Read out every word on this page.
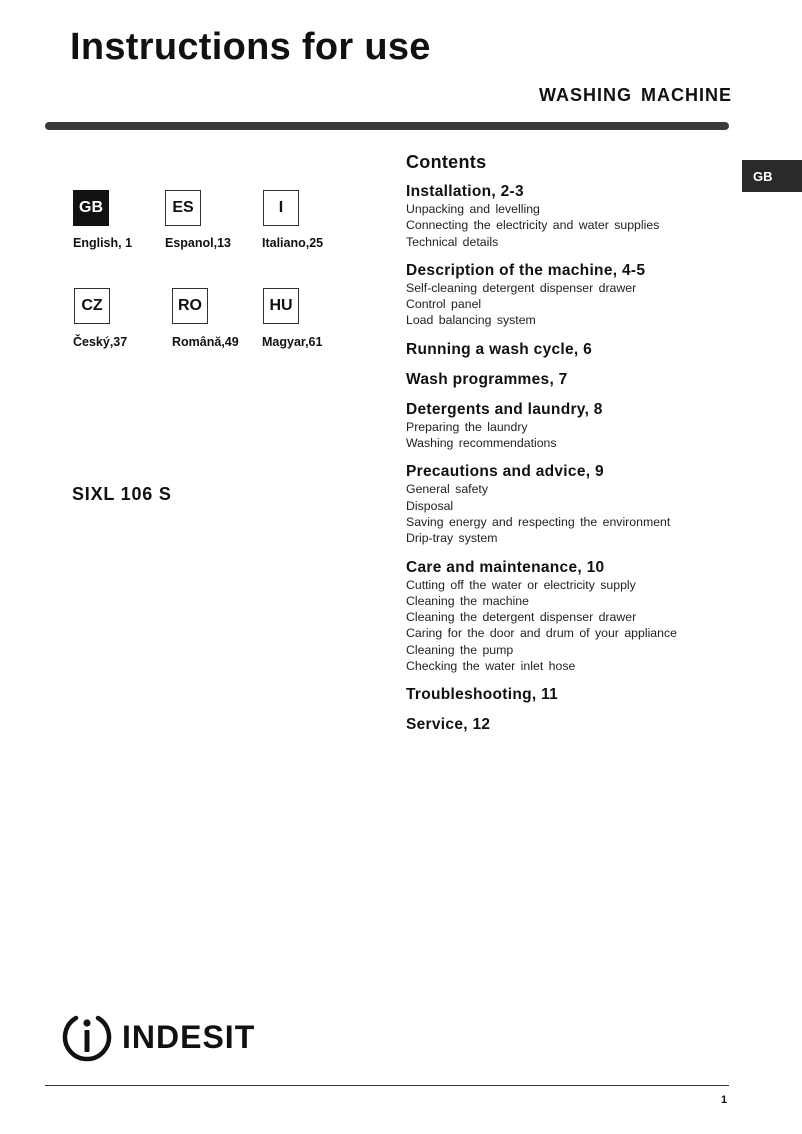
Instructions for use
WASHING MACHINE
GB
GB
English, 1
ES
Espanol,13
I
Italiano,25
CZ
Český,37
RO
Română,49
HU
Magyar,61
SIXL 106 S
Contents
Installation, 2-3
Unpacking and levelling
Connecting the electricity and water supplies
Technical details
Description of the machine, 4-5
Self-cleaning detergent dispenser drawer
Control panel
Load balancing system
Running a wash cycle, 6
Wash programmes, 7
Detergents and laundry, 8
Preparing the laundry
Washing recommendations
Precautions and advice, 9
General safety
Disposal
Saving energy and respecting the environment
Drip-tray system
Care and maintenance, 10
Cutting off the water or electricity supply
Cleaning the machine
Cleaning the detergent dispenser drawer
Caring for the door and drum of your appliance
Cleaning the pump
Checking the water inlet hose
Troubleshooting, 11
Service, 12
INDESIT
1
